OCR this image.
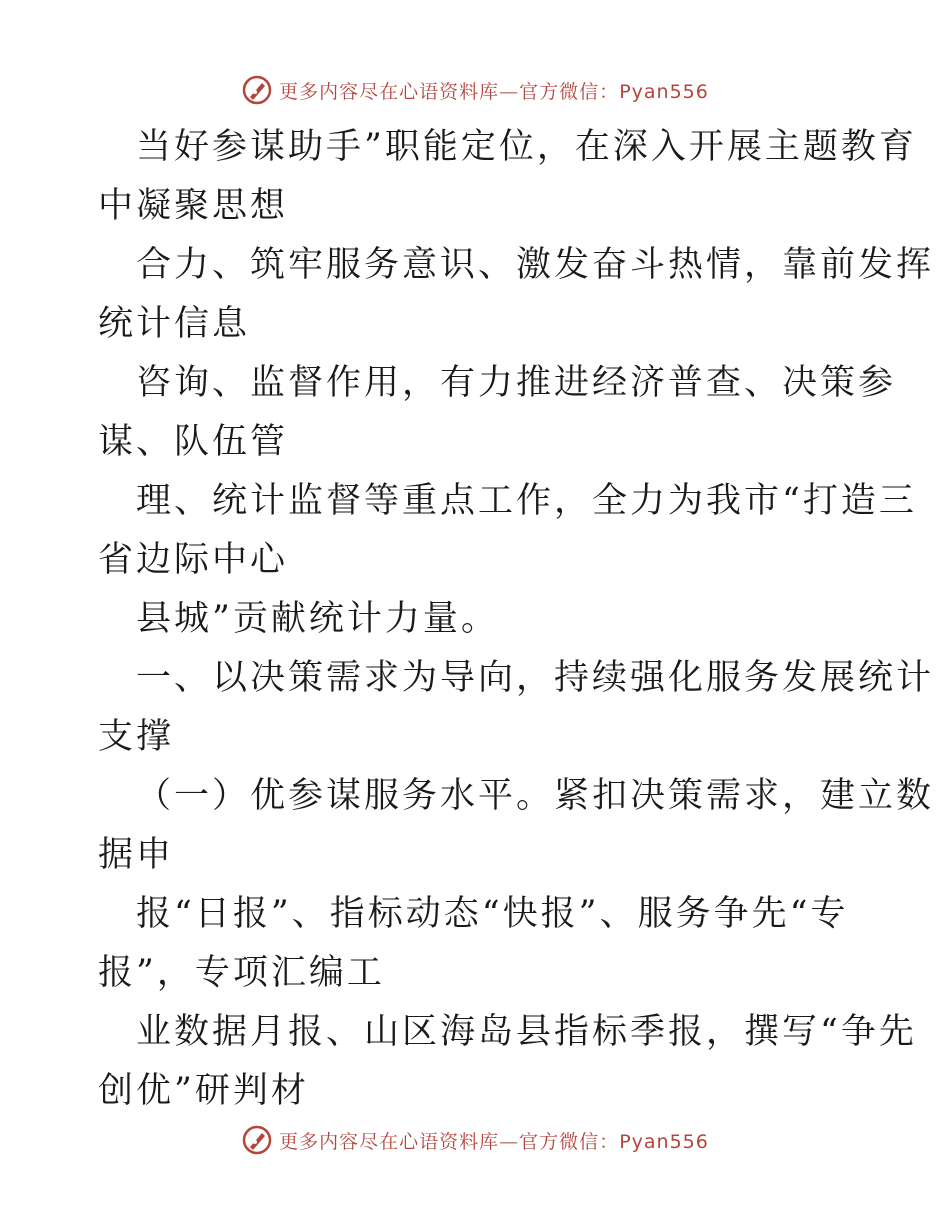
更多内容尽在心语资料库—官方微信：Pyan556
当好参谋助手”职能定位，在深入开展主题教育
中凝聚思想
合力、筑牢服务意识、激发奋斗热情，靠前发挥
统计信息
咨询、监督作用，有力推进经济普查、决策参
谋、队伍管
理、统计监督等重点工作，全力为我市“打造三
省边际中心
县城”贡献统计力量。
一、以决策需求为导向，持续强化服务发展统计
支撑
（一）优参谋服务水平。紧扣决策需求，建立数
据申
报“日报”、指标动态“快报”、服务争先“专
报”，专项汇编工
业数据月报、山区海岛县指标季报，撰写“争先
创优”研判材
更多内容尽在心语资料库—官方微信：Pyan556
